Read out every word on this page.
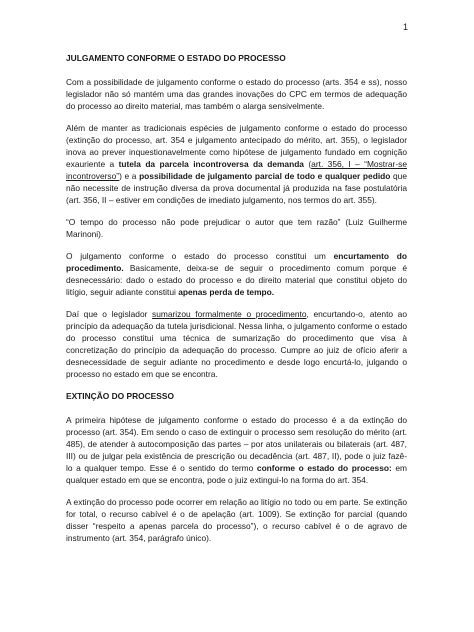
1
JULGAMENTO CONFORME O ESTADO DO PROCESSO

Com a possibilidade de julgamento conforme o estado do processo (arts. 354 e ss), nosso legislador não só mantém uma das grandes inovações do CPC em termos de adequação do processo ao direito material, mas também o alarga sensivelmente.

Além de manter as tradicionais espécies de julgamento conforme o estado do processo (extinção do processo, art. 354 e julgamento antecipado do mérito, art. 355), o legislador inova ao prever inquestionavelmente como hipótese de julgamento fundado em cognição exauriente a tutela da parcela incontroversa da demanda (art. 356, I – “Mostrar-se incontroverso”) e a possibilidade de julgamento parcial de todo e qualquer pedido que não necessite de instrução diversa da prova documental já produzida na fase postulatória (art. 356, II – estiver em condições de imediato julgamento, nos termos do art. 355).

“O tempo do processo não pode prejudicar o autor que tem razão” (Luiz Guilherme Marinoni).

O julgamento conforme o estado do processo constitui um encurtamento do procedimento. Basicamente, deixa-se de seguir o procedimento comum porque é desnecessário: dado o estado do processo e do direito material que constitui objeto do litígio, seguir adiante constitui apenas perda de tempo.

Daí que o legislador sumarizou formalmente o procedimento, encurtando-o, atento ao princípio da adequação da tutela jurisdicional. Nessa linha, o julgamento conforme o estado do processo constitui uma técnica de sumarização do procedimento que visa à concretização do princípio da adequação do processo. Cumpre ao juiz de ofício aferir a desnecessidade de seguir adiante no procedimento e desde logo encurtá-lo, julgando o processo no estado em que se encontra.

EXTINÇÃO DO PROCESSO

A primeira hipótese de julgamento conforme o estado do processo é a da extinção do processo (art. 354). Em sendo o caso de extinguir o processo sem resolução do mérito (art. 485), de atender à autocomposição das partes – por atos unilaterais ou bilaterais (art. 487, III) ou de julgar pela existência de prescrição ou decadência (art. 487, II), pode o juiz fazê-lo a qualquer tempo. Esse é o sentido do termo conforme o estado do processo: em qualquer estado em que se encontra, pode o juiz extingui-lo na forma do art. 354.

A extinção do processo pode ocorrer em relação ao litígio no todo ou em parte. Se extinção for total, o recurso cabível é o de apelação (art. 1009). Se extinção for parcial (quando disser “respeito a apenas parcela do processo”), o recurso cabível é o de agravo de instrumento (art. 354, parágrafo único).
